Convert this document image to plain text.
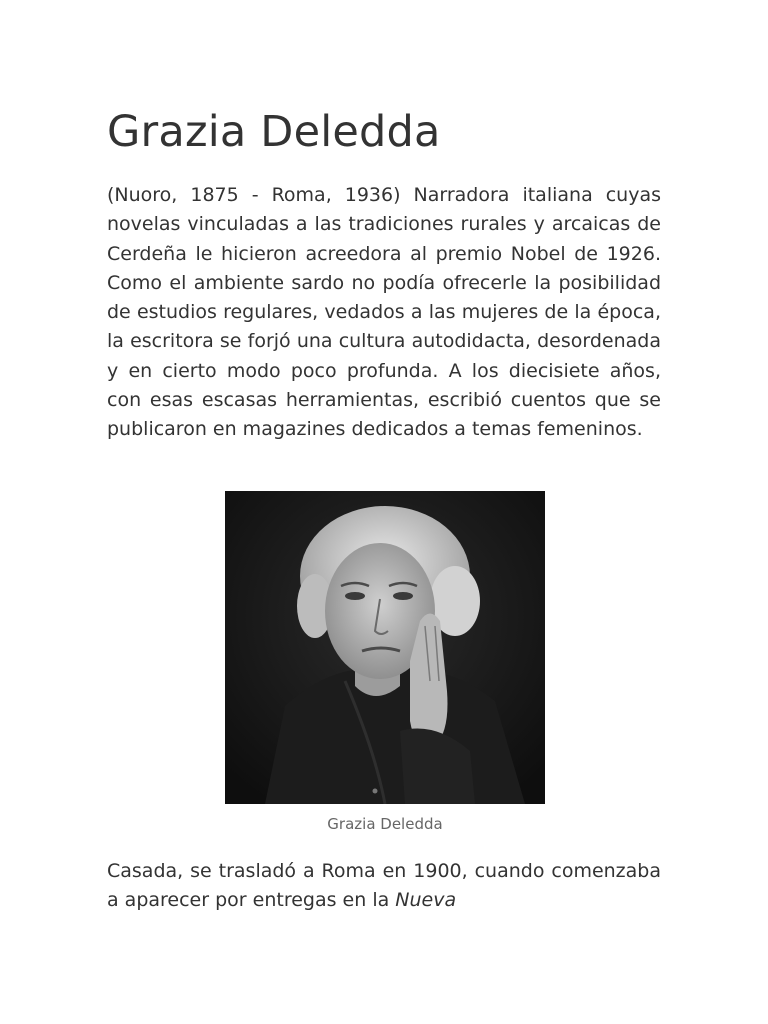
Grazia Deledda

(Nuoro, 1875 - Roma, 1936) Narradora italiana cuyas novelas vinculadas a las tradiciones rurales y arcaicas de Cerdeña le hicieron acreedora al premio Nobel de 1926. Como el ambiente sardo no podía ofrecerle la posibilidad de estudios regulares, vedados a las mujeres de la época, la escritora se forjó una cultura autodidacta, desordenada y en cierto modo poco profunda. A los diecisiete años, con esas escasas herramientas, escribió cuentos que se publicaron en magazines dedicados a temas femeninos.

Grazia Deledda

Casada, se trasladó a Roma en 1900, cuando comenzaba a aparecer por entregas en la Nueva
